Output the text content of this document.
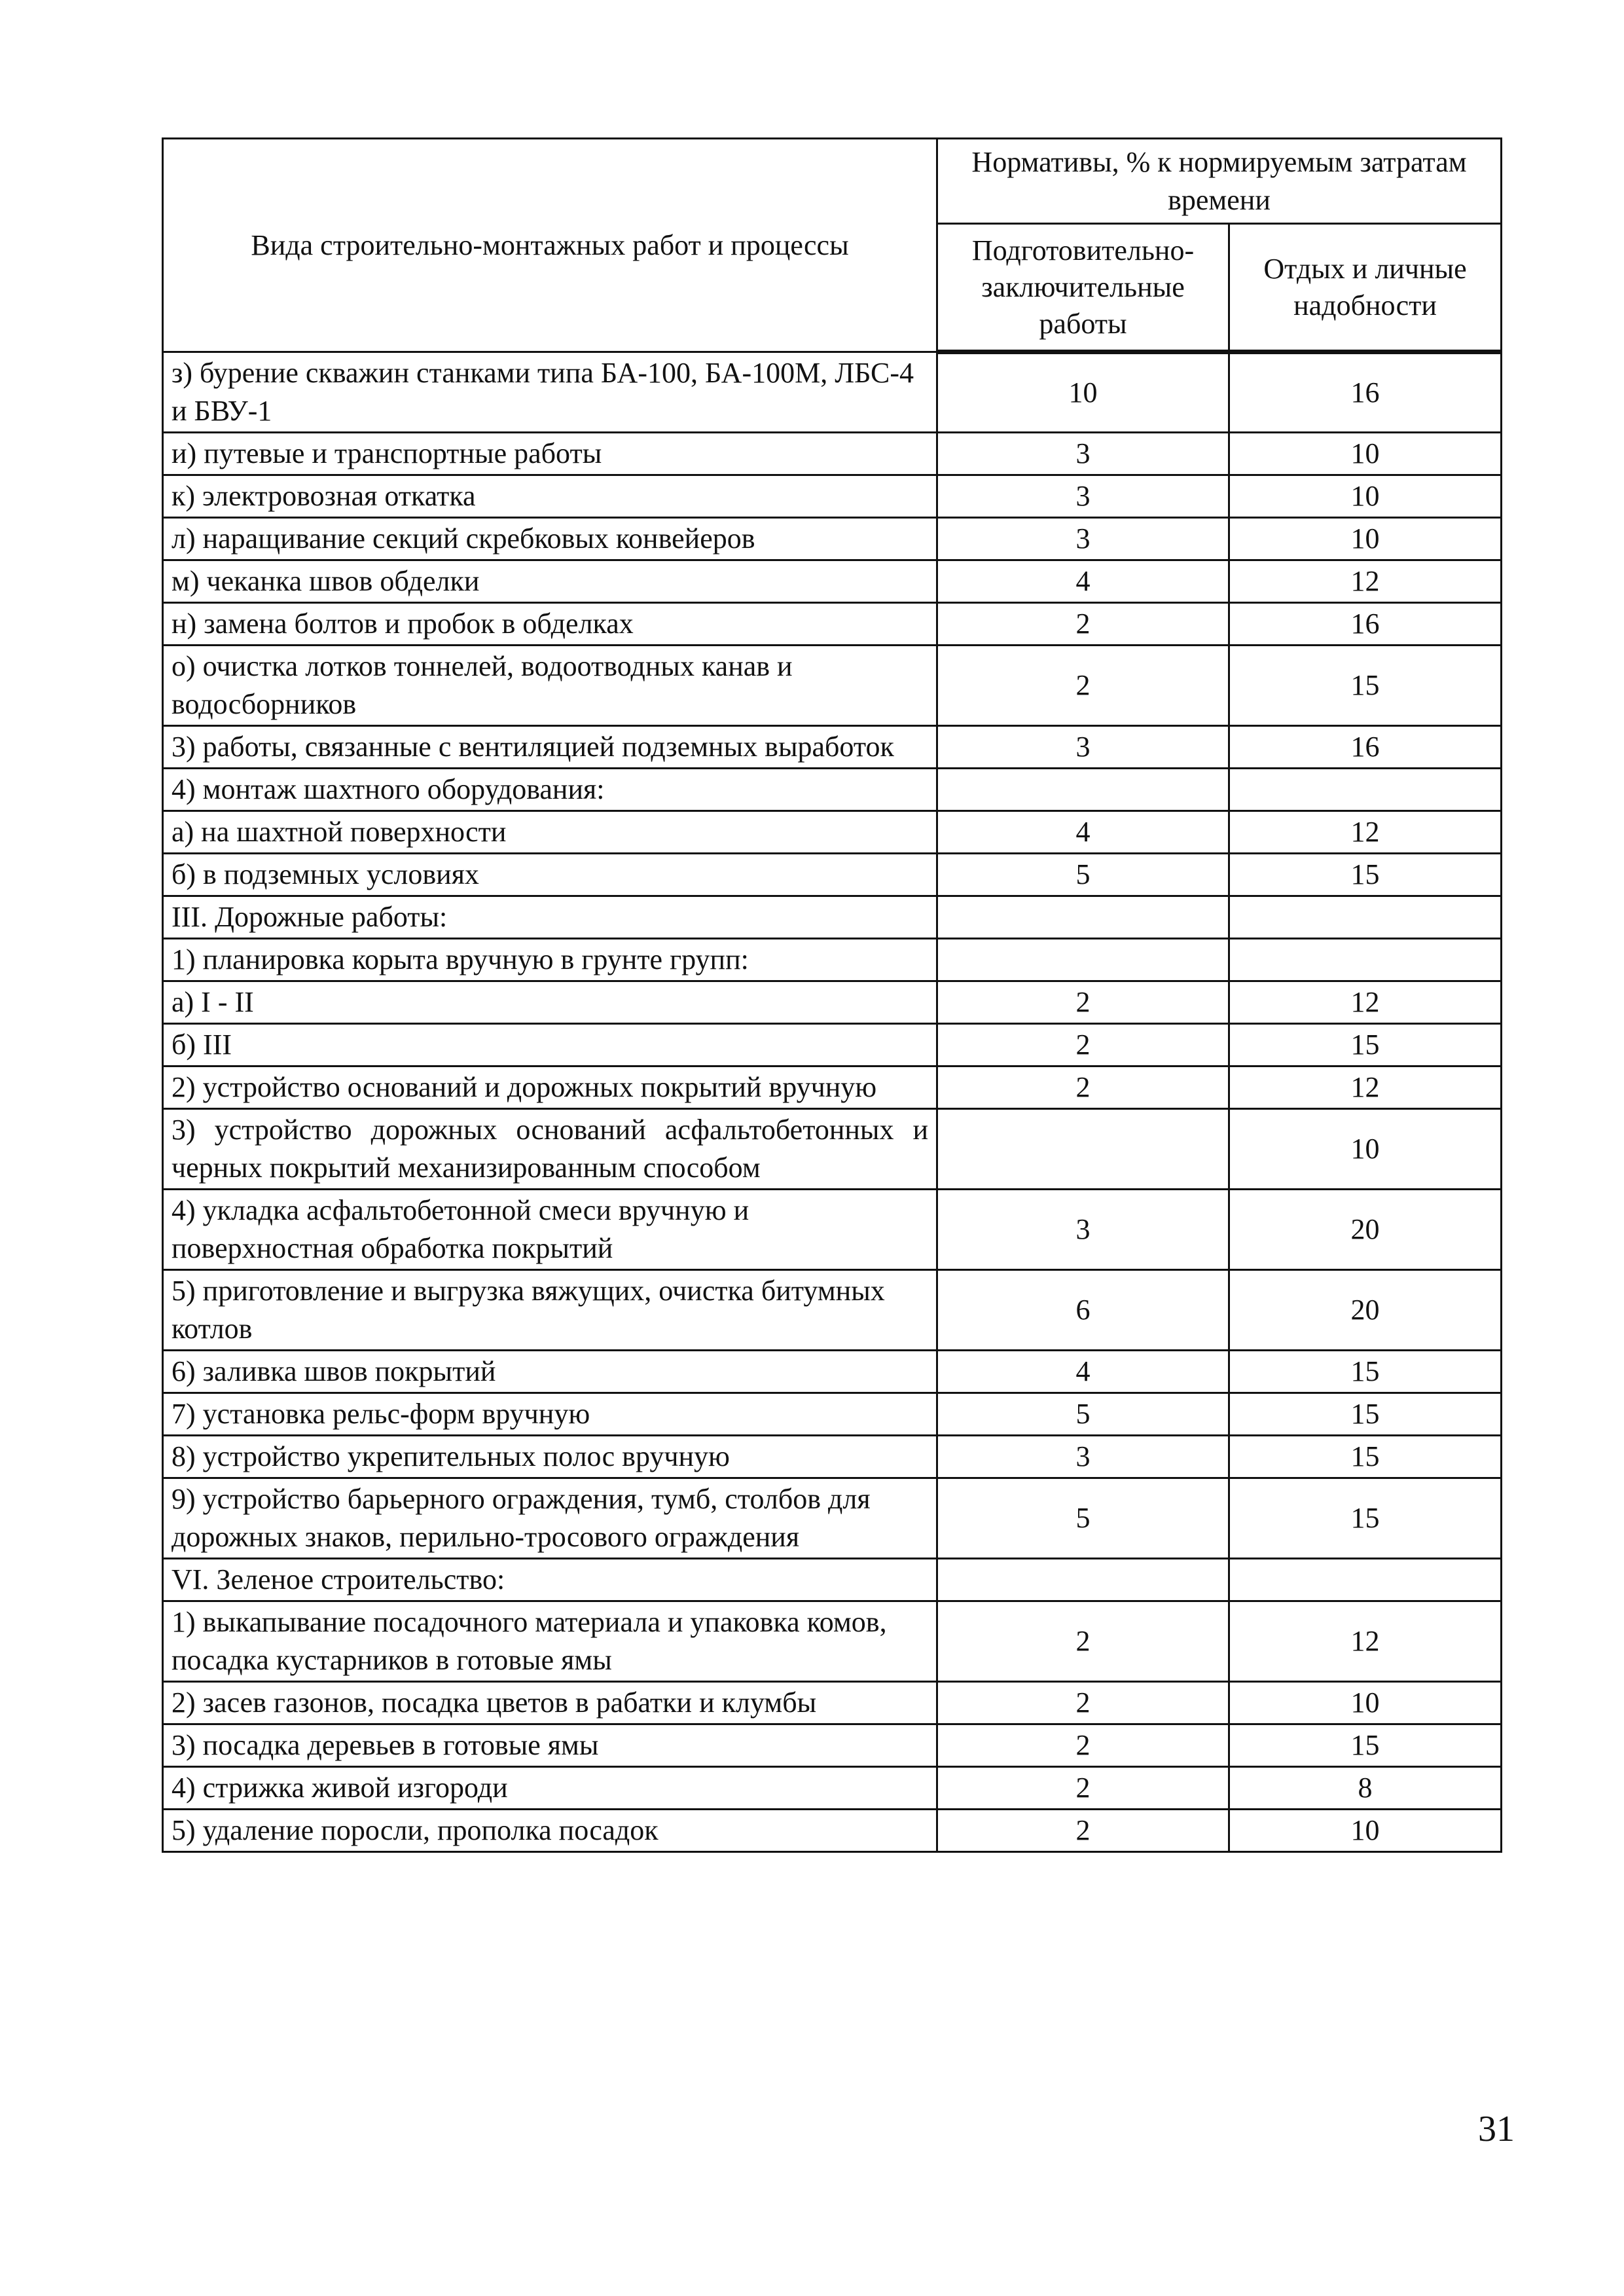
Вида строительно-монтажных работ и процессы	Нормативы, % к нормируемым затратам времени	
	Подготовительно-заключительные работы	Отдых и личные надобности
з) бурение скважин станками типа БА-100, БА-100М, ЛБС-4 и БВУ-1	10	16
и) путевые и транспортные работы	3	10
к) электровозная откатка	3	10
л) наращивание секций скребковых конвейеров	3	10
м) чеканка швов обделки	4	12
н) замена болтов и пробок в обделках	2	16
о) очистка лотков тоннелей, водоотводных канав и водосборников	2	15
3) работы, связанные с вентиляцией подземных выработок	3	16
4) монтаж шахтного оборудования:		
а) на шахтной поверхности	4	12
б) в подземных условиях	5	15
III. Дорожные работы:		
1) планировка корыта вручную в грунте групп:		
а) I - II	2	12
б) III	2	15
2) устройство оснований и дорожных покрытий вручную	2	12
3) устройство дорожных оснований асфальтобетонных и черных покрытий механизированным способом		10
4) укладка асфальтобетонной смеси вручную и поверхностная обработка покрытий	3	20
5) приготовление и выгрузка вяжущих, очистка битумных котлов	6	20
6) заливка швов покрытий	4	15
7) установка рельс-форм вручную	5	15
8) устройство укрепительных полос вручную	3	15
9) устройство барьерного ограждения, тумб, столбов для дорожных знаков, перильно-тросового ограждения	5	15
VI. Зеленое строительство:		
1) выкапывание посадочного материала и упаковка комов, посадка кустарников в готовые ямы	2	12
2) засев газонов, посадка цветов в рабатки и клумбы	2	10
3) посадка деревьев в готовые ямы	2	15
4) стрижка живой изгороди	2	8
5) удаление поросли, прополка посадок	2	10
31
